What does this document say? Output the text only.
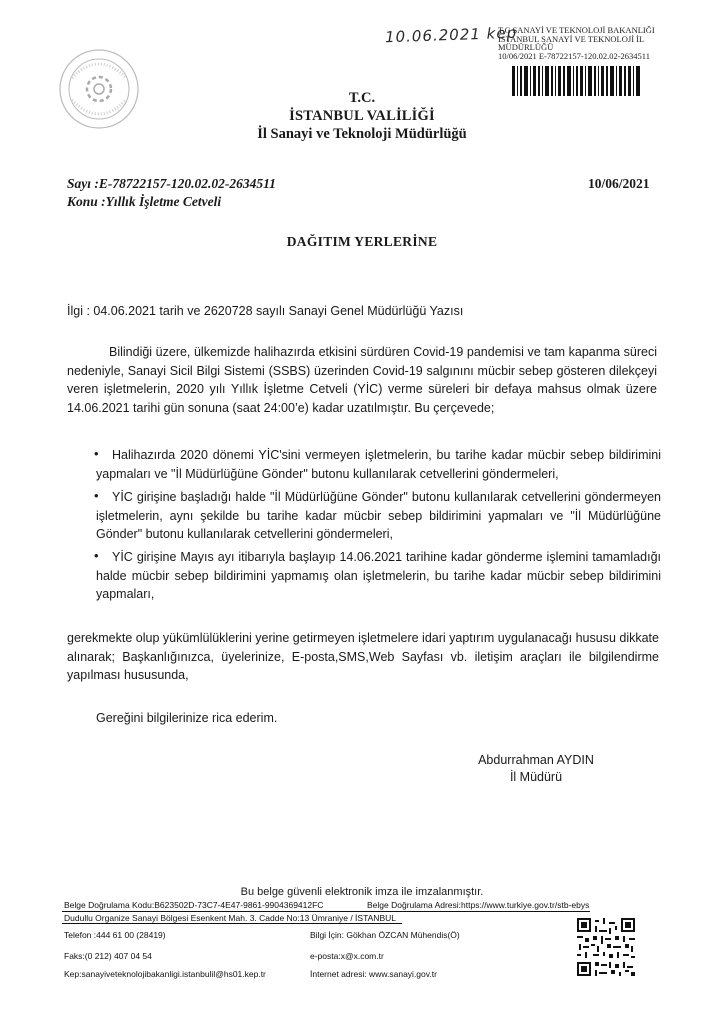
10.06.2021 kep
T.C SANAYİ VE TEKNOLOJİ BAKANLIĞI
İSTANBUL SANAYİ VE TEKNOLOJİ İL
MÜDÜRLÜĞÜ
10/06/2021 E-78722157-120.02.02-2634511
T.C.
İSTANBUL VALİLİĞİ
İl Sanayi ve Teknoloji Müdürlüğü
Sayı :E-78722157-120.02.02-2634511
Konu :Yıllık İşletme Cetveli
10/06/2021
DAĞITIM YERLERİNE
İlgi : 04.06.2021 tarih ve 2620728 sayılı Sanayi Genel Müdürlüğü Yazısı
Bilindiği üzere, ülkemizde halihazırda etkisini sürdüren Covid-19 pandemisi ve tam kapanma süreci nedeniyle, Sanayi Sicil Bilgi Sistemi (SSBS) üzerinden Covid-19 salgınını mücbir sebep gösteren dilekçeyi veren işletmelerin, 2020 yılı Yıllık İşletme Cetveli (YİC) verme süreleri bir defaya mahsus olmak üzere 14.06.2021 tarihi gün sonuna (saat 24:00’e) kadar uzatılmıştır. Bu çerçevede;
•	Halihazırda 2020 dönemi YİC'sini vermeyen işletmelerin, bu tarihe kadar mücbir sebep bildirimini yapmaları ve "İl Müdürlüğüne Gönder" butonu kullanılarak cetvellerini göndermeleri,
•	YİC girişine başladığı halde "İl Müdürlüğüne Gönder" butonu kullanılarak cetvellerini göndermeyen işletmelerin, aynı şekilde bu tarihe kadar mücbir sebep bildirimini yapmaları ve "İl Müdürlüğüne Gönder" butonu kullanılarak cetvellerini göndermeleri,
•	YİC girişine Mayıs ayı itibarıyla başlayıp 14.06.2021 tarihine kadar gönderme işlemini tamamladığı halde mücbir sebep bildirimini yapmamış olan işletmelerin, bu tarihe kadar mücbir sebep bildirimini yapmaları,
gerekmekte olup yükümlülüklerini yerine getirmeyen işletmelere idari yaptırım uygulanacağı hususu dikkate alınarak; Başkanlığınızca, üyelerinize, E-posta,SMS,Web Sayfası vb. iletişim araçları ile bilgilendirme yapılması hususunda,
Gereğini bilgilerinize rica ederim.
Abdurrahman AYDIN
İl Müdürü
Bu belge güvenli elektronik imza ile imzalanmıştır.
Belge Doğrulama Kodu:B623502D-73C7-4E47-9861-9904369412FC	Belge Doğrulama Adresi:https://www.turkiye.gov.tr/stb-ebys
Dudullu Organize Sanayi Bölgesi Esenkent Mah. 3. Cadde No:13 Ümraniye / İSTANBUL
Telefon :444 61 00 (28419)	Bilgi İçin: Gökhan ÖZCAN Mühendis(Ö)
Faks:(0 212) 407 04 54	e-posta:x@x.com.tr
Kep:sanayiveteknolojibakanligi.istanbulil@hs01.kep.tr	İnternet adresi: www.sanayi.gov.tr
